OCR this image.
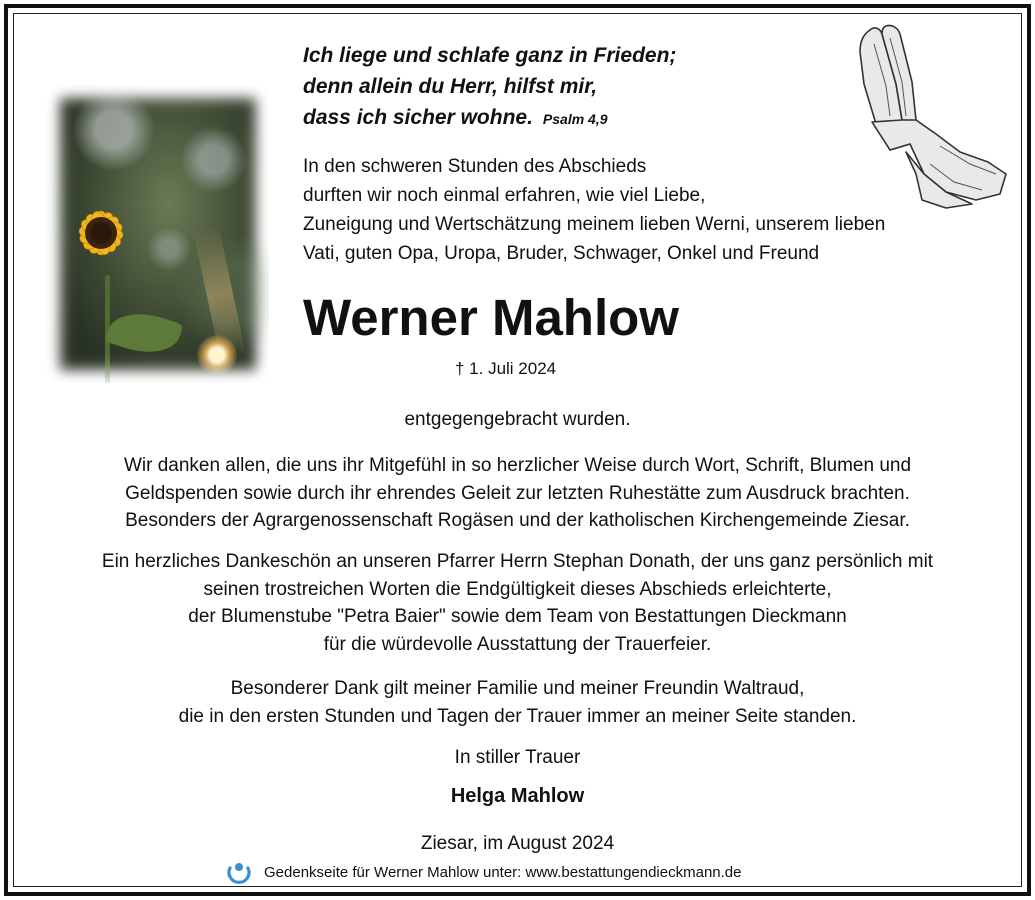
Ich liege und schlafe ganz in Frieden;
denn allein du Herr, hilfst mir,
dass ich sicher wohne. Psalm 4,9
In den schweren Stunden des Abschieds
durften wir noch einmal erfahren, wie viel Liebe,
Zuneigung und Wertschätzung meinem lieben Werni, unserem lieben
Vati, guten Opa, Uropa, Bruder, Schwager, Onkel und Freund
Werner Mahlow
† 1. Juli 2024

entgegengebracht wurden.

Wir danken allen, die uns ihr Mitgefühl in so herzlicher Weise durch Wort, Schrift, Blumen und

Geldspenden sowie durch ihr ehrendes Geleit zur letzten Ruhestätte zum Ausdruck brachten.

Besonders der Agrargenossenschaft Rogäsen und der katholischen Kirchengemeinde Ziesar.

Ein herzliches Dankeschön an unseren Pfarrer Herrn Stephan Donath, der uns ganz persönlich mit

seinen trostreichen Worten die Endgültigkeit dieses Abschieds erleichterte,

der Blumenstube "Petra Baier" sowie dem Team von Bestattungen Dieckmann

für die würdevolle Ausstattung der Trauerfeier.

Besonderer Dank gilt meiner Familie und meiner Freundin Waltraud,

die in den ersten Stunden und Tagen der Trauer immer an meiner Seite standen.

In stiller Trauer
Helga Mahlow
Ziesar, im August 2024
Gedenkseite für Werner Mahlow unter: www.bestattungendieckmann.de
